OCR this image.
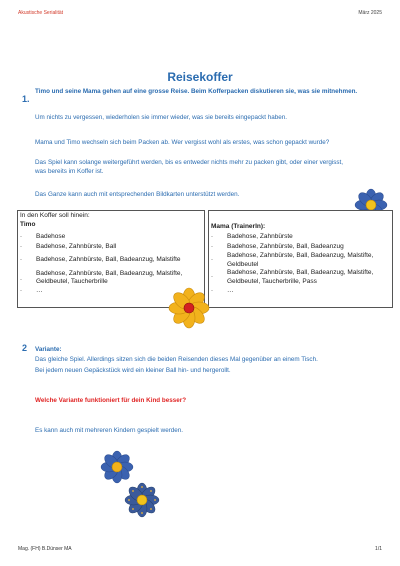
Akustische Serialität	März 2025
Reisekoffer
1.
Timo und seine Mama gehen auf eine grosse Reise. Beim Kofferpacken diskutieren sie, was sie mitnehmen.
Um nichts zu vergessen, wiederholen sie immer wieder, was sie bereits eingepackt haben.
Mama und Timo wechseln sich beim Packen ab. Wer vergisst wohl als erstes, was schon gepackt wurde?
Das Spiel kann solange weitergeführt werden, bis es entweder nichts mehr zu packen gibt, oder einer vergisst, was bereits im Koffer ist.
Das Ganze kann auch mit entsprechenden Bildkarten unterstützt werden.
In den Koffer soll hinein:
Timo
- Badehose
- Badehose, Zahnbürste, Ball
- Badehose, Zahnbürste, Ball, Badeanzug, Malstifte
-
Badehose, Zahnbürste, Ball, Badeanzug, Malstifte, Geldbeutel, Taucherbrille
- …
Mama (TrainerIn):
- Badehose, Zahnbürste
- Badehose, Zahnbürste, Ball, Badeanzug
-
Badehose, Zahnbürste, Ball, Badeanzug, Malstifte, Geldbeutel
-
Badehose, Zahnbürste, Ball, Badeanzug, Malstifte, Geldbeutel, Taucherbrille, Pass
- …
2 Variante:
Das gleiche Spiel. Allerdings sitzen sich die beiden Reisenden dieses Mal gegenüber an einem Tisch.
Bei jedem neuen Gepäckstück wird ein kleiner Ball hin- und hergerollt.
Welche Variante funktioniert für dein Kind besser?
Es kann auch mit mehreren Kindern gespielt werden.
Mag. (FH) B.Dünser MA	1/1
